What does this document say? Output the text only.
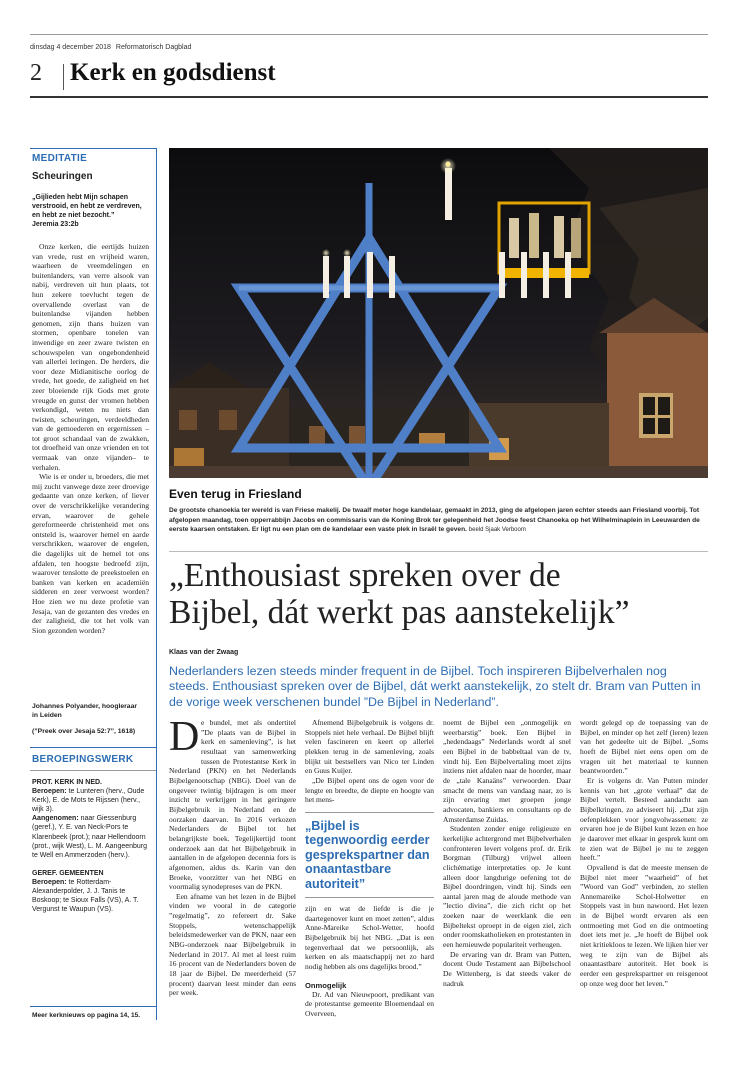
dinsdag 4 december 2018 Reformatorisch Dagblad
2 Kerk en godsdienst
MEDITATIE
Scheuringen
„Gijlieden hebt Mijn schapen verstrooid, en hebt ze verdreven, en hebt ze niet bezocht.”
Jeremia 23:2b

Onze kerken, die eertijds huizen van vrede, rust en vrijheid waren, waarheen de vreemdelingen en buitenlanders, van verre alsook van nabij, verdreven uit hun plaats, tot hun zekere toevlucht tegen de overvallende overlast van de buitenlandse vijanden hebben genomen, zijn thans huizen van stormen, openbare tonelen van inwendige en zeer zware twisten en schouwspelen van ongebondenheid van allerlei leringen. De herders, die voor deze Midianitische oorlog de vrede, het goede, de zaligheid en het zeer bloeiende rijk Gods met grote vreugde en gunst der vromen hebben verkondigd, weten nu niets dan twisten, scheuringen, verdeeldheden van de gemoederen en ergernissen –tot groot schandaal van de zwakken, tot droefheid van onze vrienden en tot vermaak van onze vijanden– te verhalen.

Wie is er onder u, broeders, die met mij zucht vanwege deze zeer droevige gedaante van onze kerken, of liever over de verschrikkelijke verandering ervan, waarover de gehele gereformeerde christenheid met ons ontsteld is, waarover hemel en aarde verschrikken, waarover de engelen, die dagelijks uit de hemel tot ons afdalen, ten hoogste bedroefd zijn, waarover tenslotte de preekstoelen en banken van kerken en academiën sidderen en zeer verwoest worden? Hoe zien we nu deze profetie van Jesaja, van de gezanten des vredes en der zaligheid, die tot het volk van Sion gezonden worden?

Johannes Polyander, hoogleraar in Leiden
(”Preek over Jesaja 52:7”, 1618)
BEROEPINGSWERK
PROT. KERK IN NED.
Beroepen: te Lunteren (herv., Oude Kerk), E. de Mots te Rijssen (herv., wijk 3).
Aangenomen: naar Giessenburg (geref.), Y. E. van Neck-Pors te Klarenbeek (prot.); naar Hellendoorn (prot., wijk West), L. M. Aangeenburg te Well en Ammerzoden (herv.).
GEREF. GEMEENTEN
Beroepen: te Rotterdam-Alexanderpolder, J. J. Tanis te Boskoop; te Sioux Falls (VS), A. T. Vergunst te Waupun (VS).
Meer kerknieuws op pagina 14, 15.
Even terug in Friesland
De grootste chanoekia ter wereld is van Friese makelij. De twaalf meter hoge kandelaar, gemaakt in 2013, ging de afgelopen jaren echter steeds aan Friesland voorbij. Tot afgelopen maandag, toen opperrabbijn Jacobs en commissaris van de Koning Brok ter gelegenheid het Joodse feest Chanoeka op het Wilhelminaplein in Leeuwarden de eerste kaarsen ontstaken. Er ligt nu een plan om de kandelaar een vaste plek in Israël te geven. beeld Sjaak Verboom
„Enthousiast spreken over de
Bijbel, dát werkt pas aanstekelijk”
Klaas van der Zwaag
Nederlanders lezen steeds minder frequent in de Bijbel. Toch inspireren Bijbelverhalen nog steeds. Enthousiast spreken over de Bijbel, dát werkt aanstekelijk, zo stelt dr. Bram van Putten in de vorige week verschenen bundel ”De Bijbel in Nederland”.
D e bundel, met als ondertitel ”De plaats van de Bijbel in kerk en samenleving”, is het resultaat van samenwerking tussen de Protestantse Kerk in Nederland (PKN) en het Nederlands Bijbelgenootschap (NBG). Doel van de ongeveer twintig bijdragen is om meer inzicht te verkrijgen in het geringere Bijbelgebruik in Nederland en de oorzaken daarvan. In 2016 verkozen Nederlanders de Bijbel tot het belangrijkste boek. Tegelijkertijd toont onderzoek aan dat het Bijbelgebruik in aantallen in de afgelopen decennia fors is afgenomen, aldus ds. Karin van den Broeke, voorzitter van het NBG en voormalig synodepreses van de PKN.

Een afname van het lezen in de Bijbel vinden we vooral in de categorie ”regelmatig”, zo refereert dr. Sake Stoppels, wetenschappelijk beleidsmedewerker van de PKN, naar een NBG-onderzoek naar Bijbelgebruik in Nederland in 2017. Al met al leest ruim 16 procent van de Nederlanders boven de 18 jaar de Bijbel. De meerderheid (57 procent) daarvan leest minder dan eens per week.

Afnemend Bijbelgebruik is volgens dr. Stoppels niet hele verhaal. De Bijbel blijft velen fascineren en keert op allerlei plekken terug in de samenleving, zoals blijkt uit bestsellers van Nico ter Linden en Guus Kuijer.

„De Bijbel opent ons de ogen voor de lengte en breedte, de diepte en hoogte van het mens-

„Bijbel is tegenwoordig eerder gesprekspartner dan onaantastbare autoriteit”
zijn en wat de liefde is die je daartegenover kunt en moet zetten”, aldus Anne-Mareike Schol-Wetter, hoofd Bijbelgebruik bij het NBG. „Dat is een tegenverhaal dat we persoonlijk, als kerken en als maatschappij net zo hard nodig hebben als ons dagelijks brood.”
Onmogelijk

Dr. Ad van Nieuwpoort, predikant van de protestantse gemeente Bloemendaal en Overveen,

noemt de Bijbel een „onmogelijk en weerbarstig” boek. Een Bijbel in „hedendaags” Nederlands wordt al snel een Bijbel in de babbeltaal van de tv, vindt hij. Een Bijbelvertaling moet zijns inziens niet afdalen naar de hoorder, maar de „tale Kanaäns” verwoorden. Daar smacht de mens van vandaag naar, zo is zijn ervaring met groepen jonge advocaten, bankiers en consultants op de Amsterdamse Zuidas.

Studenten zonder enige religieuze en kerkelijke achtergrond met Bijbelverhalen confronteren levert volgens prof. dr. Erik Borgman (Tilburg) vrijwel alleen clichématige interpretaties op. Je kunt alleen door langdurige oefening tot de Bijbel doordringen, vindt hij. Sinds een aantal jaren mag de aloude methode van ”lectio divina”, die zich richt op het zoeken naar de weerklank die een Bijbeltekst oproept in de eigen ziel, zich onder roomskatholieken en protestanten in een hernieuwde populariteit verheugen.

De ervaring van dr. Bram van Putten, docent Oude Testament aan Bijbelschool De Wittenberg, is dat steeds vaker de nadruk

wordt gelegd op de toepassing van de Bijbel, en minder op het zelf (leren) lezen van het gedeelte uit de Bijbel. „Soms hoeft de Bijbel niet eens open om de vragen uit het materiaal te kunnen beantwoorden.”

Er is volgens dr. Van Putten minder kennis van het „grote verhaal” dat de Bijbel vertelt. Besteed aandacht aan Bijbelkringen, zo adviseert hij. „Dat zijn oefenplekken voor jongvolwassenen: ze ervaren hoe je de Bijbel kunt lezen en hoe je daarover met elkaar in gesprek kunt om te zien wat de Bijbel je nu te zeggen heeft.”

Opvallend is dat de meeste mensen de Bijbel niet meer ”waarheid” of het ”Woord van God” verbinden, zo stellen Annemareike Schol-Holwetter en Stoppels vast in hun nawoord. Het lezen in de Bijbel wordt ervaren als een ontmoeting met God en die ontmoeting doet iets met je. „Je hoeft de Bijbel ook niet kritiekloos te lezen. We lijken hier ver weg te zijn van de Bijbel als onaantastbare autoriteit. Het boek is eerder een gesprekspartner en reisgenoot op onze weg door het leven.”
